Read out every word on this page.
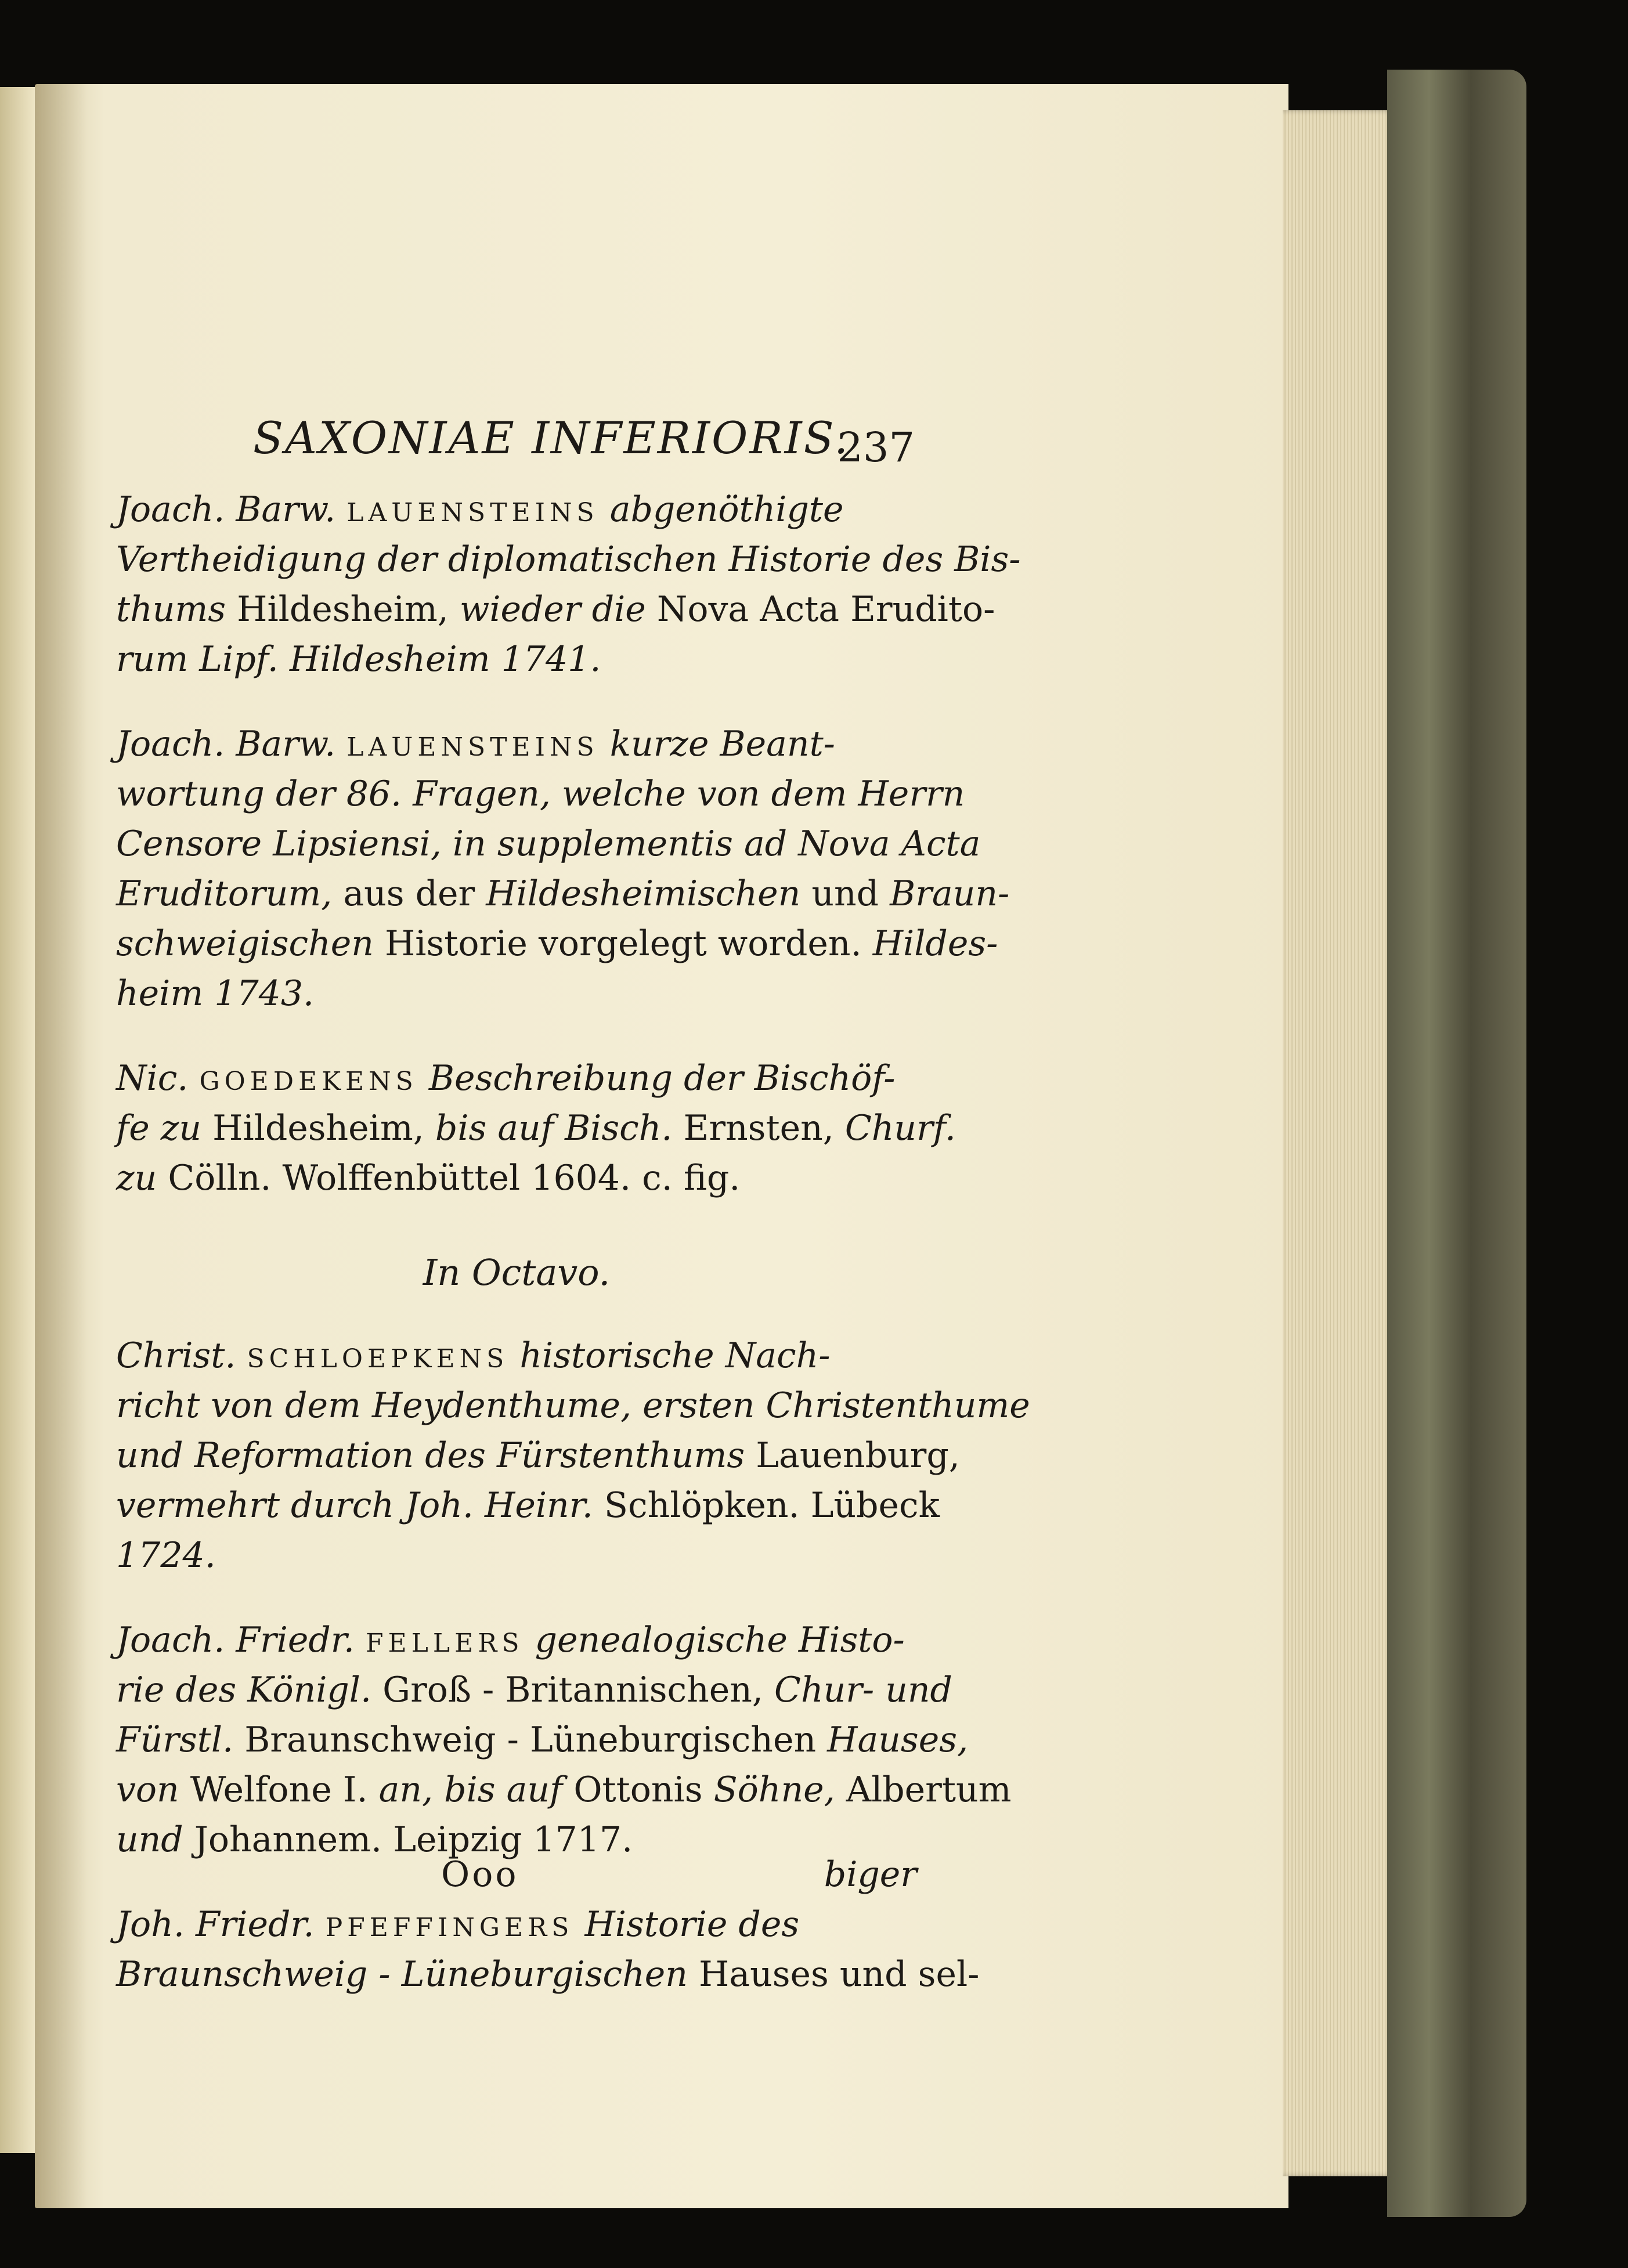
SAXONIAE INFERIORIS.
237
Joach. Barw. LAUENSTEINS abgenöthigte
Vertheidigung der diplomatischen Historie des Bis-
thums Hildesheim, wieder die Nova Acta Erudito-
rum Lipf. Hildesheim 1741.
Joach. Barw. LAUENSTEINS kurze Beant-
wortung der 86. Fragen, welche von dem Herrn
Censore Lipsiensi, in supplementis ad Nova Acta
Eruditorum, aus der Hildesheimischen und Braun-
schweigischen Historie vorgelegt worden. Hildes-
heim 1743.
Nic. GOEDEKENS Beschreibung der Bischöf-
fe zu Hildesheim, bis auf Bisch. Ernsten, Churf.
zu Cölln. Wolffenbüttel 1604. c. fig.
In Octavo.
Christ. SCHLOEPKENS historische Nach-
richt von dem Heydenthume, ersten Christenthume
und Reformation des Fürstenthums Lauenburg,
vermehrt durch Joh. Heinr. Schlöpken. Lübeck
1724.
Joach. Friedr. FELLERS genealogische Histo-
rie des Königl. Groß - Britannischen, Chur- und
Fürstl. Braunschweig - Lüneburgischen Hauses,
von Welfone I. an, bis auf Ottonis Söhne, Albertum
und Johannem. Leipzig 1717.
Joh. Friedr. PFEFFINGERS Historie des
Braunschweig - Lüneburgischen Hauses und sel-
Ooo	biger
